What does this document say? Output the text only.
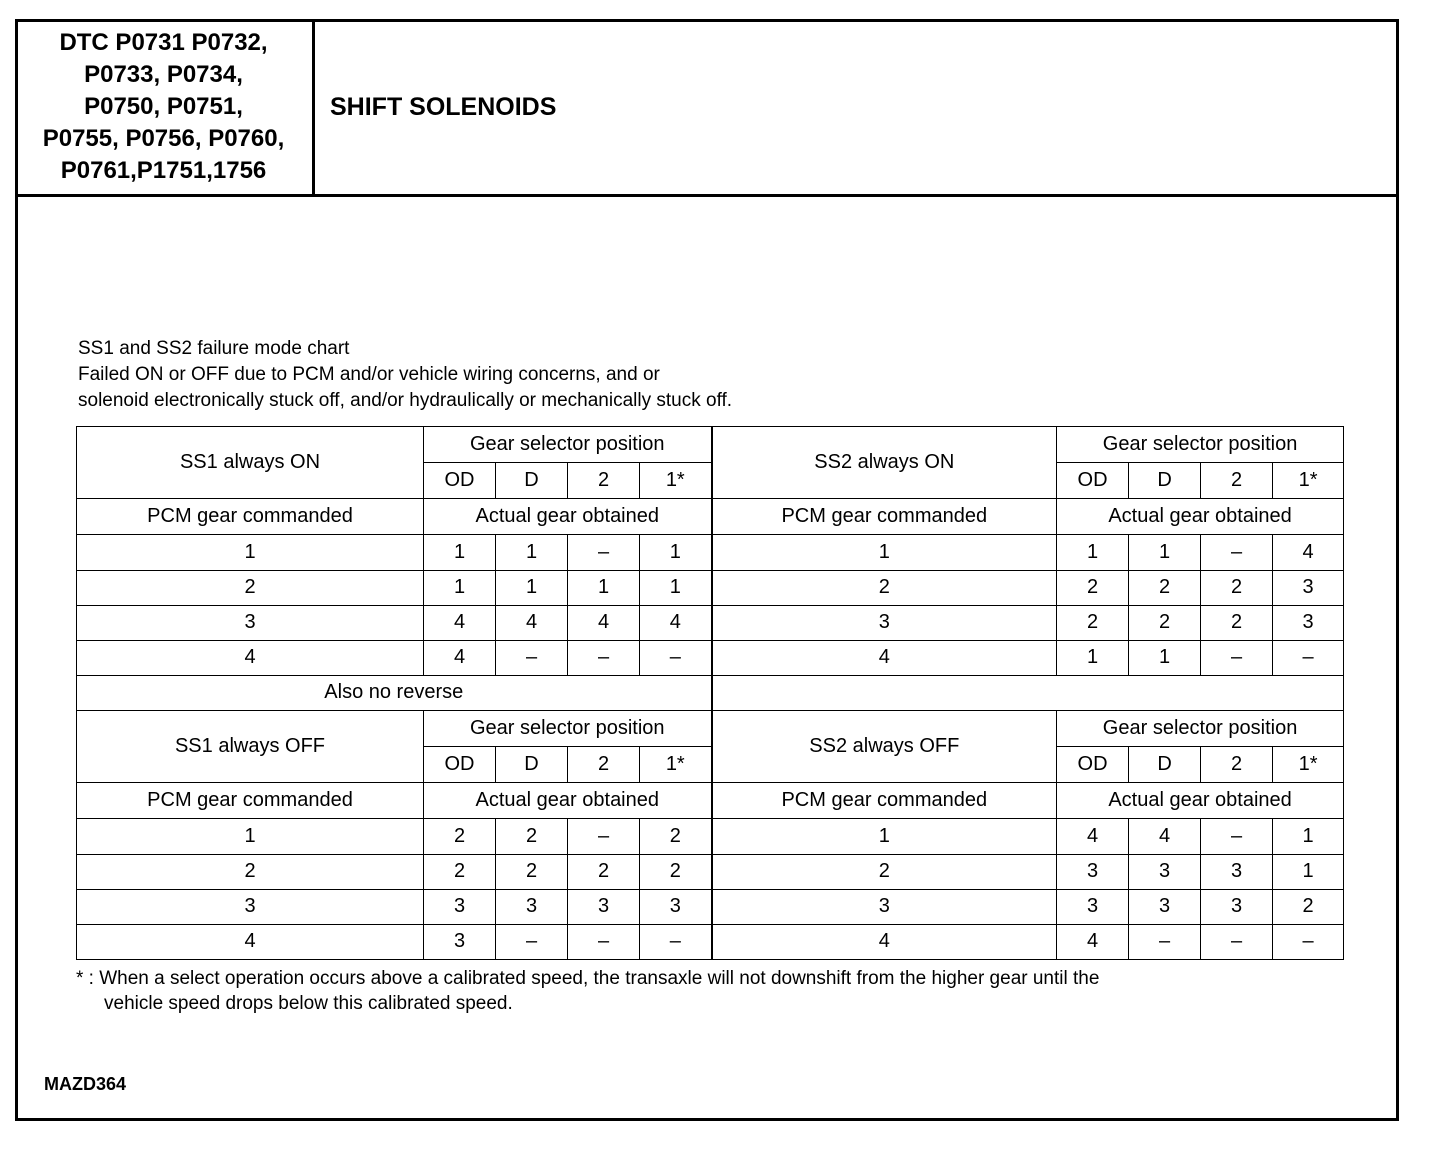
DTC P0731 P0732,
P0733, P0734,
P0750, P0751,
P0755, P0756, P0760,
P0761,P1751,1756
SHIFT SOLENOIDS
SS1 and SS2 failure mode chart
Failed ON or OFF due to PCM and/or vehicle wiring concerns, and or
solenoid electronically stuck off, and/or hydraulically or mechanically stuck off.
SS1 always ON	Gear selector position				SS2 always ON	Gear selector position			
	OD	D	2	1*		OD	D	2	1*
PCM gear commanded	Actual gear obtained				PCM gear commanded	Actual gear obtained			
1	1	1	–	1	1	1	1	–	4
2	1	1	1	1	2	2	2	2	3
3	4	4	4	4	3	2	2	2	3
4	4	–	–	–	4	1	1	–	–
Also no reverse									
SS1 always OFF	Gear selector position				SS2 always OFF	Gear selector position			
	OD	D	2	1*		OD	D	2	1*
PCM gear commanded	Actual gear obtained				PCM gear commanded	Actual gear obtained			
1	2	2	–	2	1	4	4	–	1
2	2	2	2	2	2	3	3	3	1
3	3	3	3	3	3	3	3	3	2
4	3	–	–	–	4	4	–	–	–
* : When a select operation occurs above a calibrated speed, the transaxle will not downshift from the higher gear until the
vehicle speed drops below this calibrated speed.
MAZD364
